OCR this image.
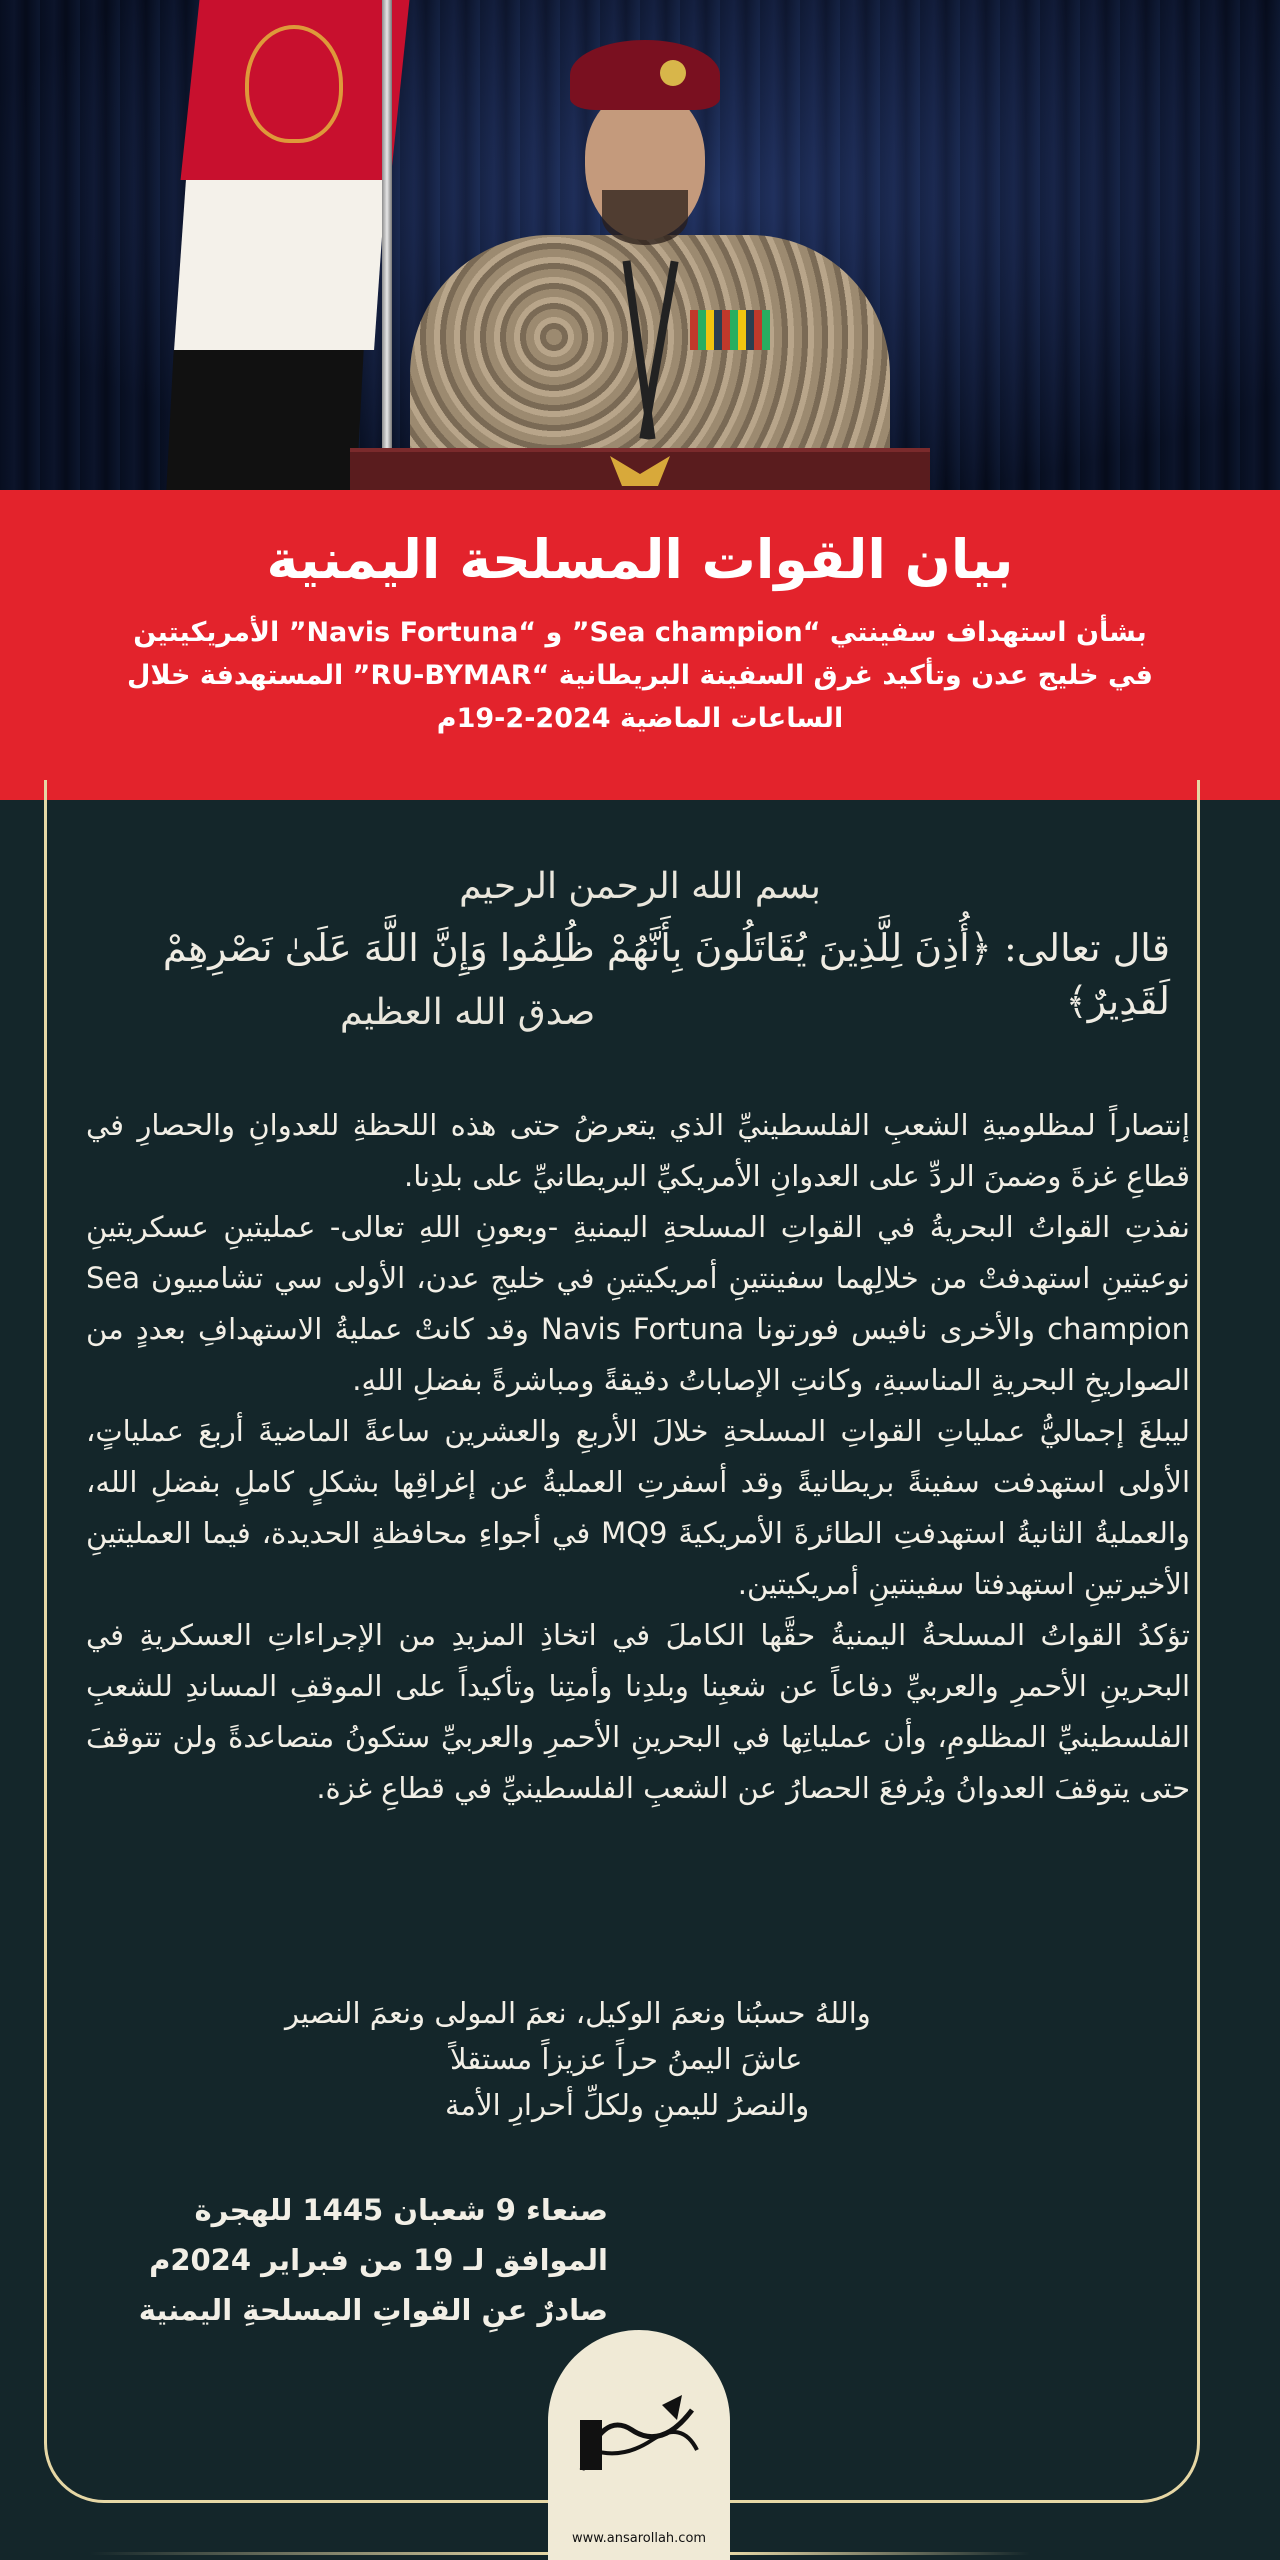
بيان القوات المسلحة اليمنية
بشأن استهداف سفينتي “Sea champion” و “Navis Fortuna” الأمريكيتين في خليج عدن وتأكيد غرق السفينة البريطانية “RU-BYMAR” المستهدفة خلال الساعات الماضية 2024-2-19م
بسم الله الرحمن الرحيم
قال تعالى: ﴿أُذِنَ لِلَّذِينَ يُقَاتَلُونَ بِأَنَّهُمْ ظُلِمُوا وَإِنَّ اللَّهَ عَلَىٰ نَصْرِهِمْ لَقَدِيرٌ﴾
صدق الله العظيم

إنتصاراً لمظلوميةِ الشعبِ الفلسطينيِّ الذي يتعرضُ حتى هذه اللحظةِ للعدوانِ والحصارِ في قطاعِ غزةَ وضمنَ الردِّ على العدوانِ الأمريكيِّ البريطانيِّ على بلدِنا.

نفذتِ القواتُ البحريةُ في القواتِ المسلحةِ اليمنيةِ -وبعونِ اللهِ تعالى- عمليتينِ عسكريتينِ نوعيتينِ استهدفتْ من خلالِهما سفينتينِ أمريكيتينِ في خليجِ عدن، الأولى سي تشامبيون Sea champion والأخرى نافيس فورتونا Navis Fortuna وقد كانتْ عمليةُ الاستهدافِ بعددٍ من الصواريخِ البحريةِ المناسبةِ، وكانتِ الإصاباتُ دقيقةً ومباشرةً بفضلِ اللهِ.

ليبلغَ إجماليُّ عملياتِ القواتِ المسلحةِ خلالَ الأربعِ والعشرين ساعةً الماضيةَ أربعَ عملياتٍ، الأولى استهدفت سفينةً بريطانيةً وقد أسفرتِ العمليةُ عن إغراقِها بشكلٍ كاملٍ بفضلِ الله، والعمليةُ الثانيةُ استهدفتِ الطائرةَ الأمريكيةَ MQ9 في أجواءِ محافظةِ الحديدة، فيما العمليتينِ الأخيرتينِ استهدفتا سفينتينِ أمريكيتين.

تؤكدُ القواتُ المسلحةُ اليمنيةُ حقَّها الكاملَ في اتخاذِ المزيدِ من الإجراءاتِ العسكريةِ في البحرينِ الأحمرِ والعربيِّ دفاعاً عن شعبِنا وبلدِنا وأمتِنا وتأكيداً على الموقفِ المساندِ للشعبِ الفلسطينيِّ المظلومِ، وأن عملياتِها في البحرينِ الأحمرِ والعربيِّ ستكونُ متصاعدةً ولن تتوقفَ حتى يتوقفَ العدوانُ ويُرفعَ الحصارُ عن الشعبِ الفلسطينيِّ في قطاعِ غزة.

واللهُ حسبُنا ونعمَ الوكيل، نعمَ المولى ونعمَ النصير
عاشَ اليمنُ حراً عزيزاً مستقلاً
والنصرُ لليمنِ ولكلِّ أحرارِ الأمة
صنعاء 9 شعبان 1445 للهجرة
الموافق لـ 19 من فبراير 2024م
صادرٌ عنِ القواتِ المسلحةِ اليمنية
www.ansarollah.com
